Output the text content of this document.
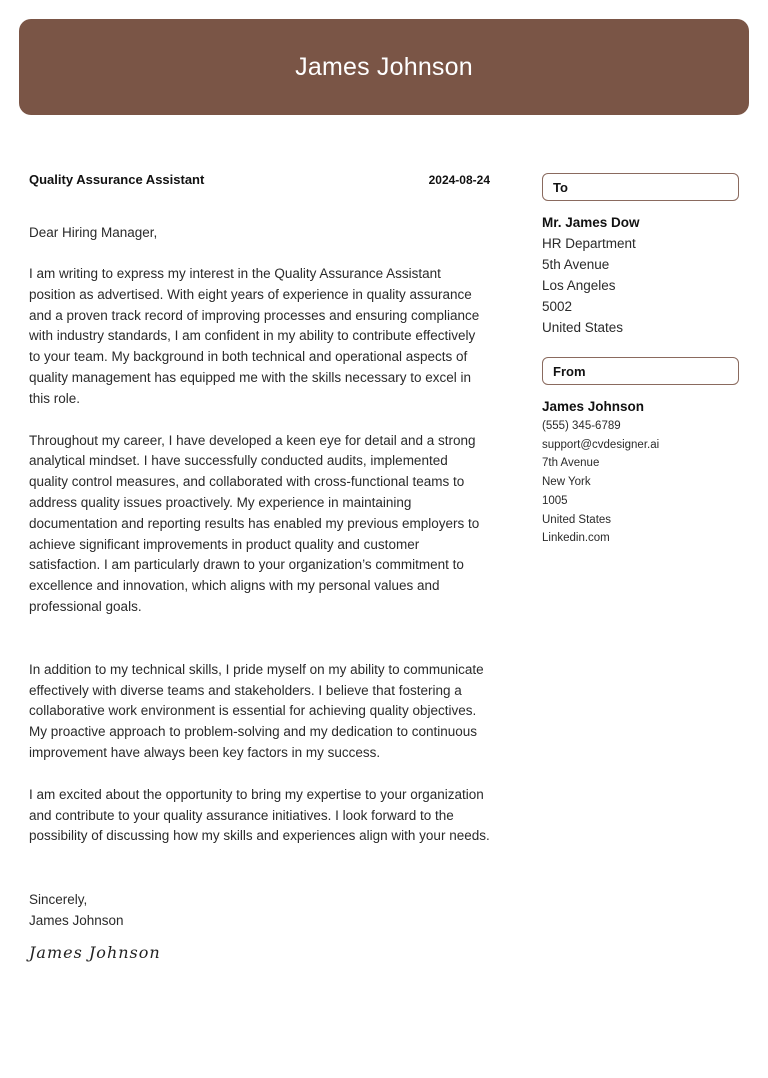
James Johnson
Quality Assurance Assistant	2024-08-24
Dear Hiring Manager,
I am writing to express my interest in the Quality Assurance Assistant position as advertised. With eight years of experience in quality assurance and a proven track record of improving processes and ensuring compliance with industry standards, I am confident in my ability to contribute effectively to your team. My background in both technical and operational aspects of quality management has equipped me with the skills necessary to excel in this role.
Throughout my career, I have developed a keen eye for detail and a strong analytical mindset. I have successfully conducted audits, implemented quality control measures, and collaborated with cross-functional teams to address quality issues proactively. My experience in maintaining documentation and reporting results has enabled my previous employers to achieve significant improvements in product quality and customer satisfaction. I am particularly drawn to your organization’s commitment to excellence and innovation, which aligns with my personal values and professional goals.
In addition to my technical skills, I pride myself on my ability to communicate effectively with diverse teams and stakeholders. I believe that fostering a collaborative work environment is essential for achieving quality objectives. My proactive approach to problem-solving and my dedication to continuous improvement have always been key factors in my success.
I am excited about the opportunity to bring my expertise to your organization and contribute to your quality assurance initiatives. I look forward to the possibility of discussing how my skills and experiences align with your needs.
Sincerely,
James Johnson
James Johnson
To
Mr. James Dow
HR Department
5th Avenue
Los Angeles
5002
United States
From
James Johnson
(555) 345-6789
support@cvdesigner.ai
7th Avenue
New York
1005
United States
Linkedin.com
